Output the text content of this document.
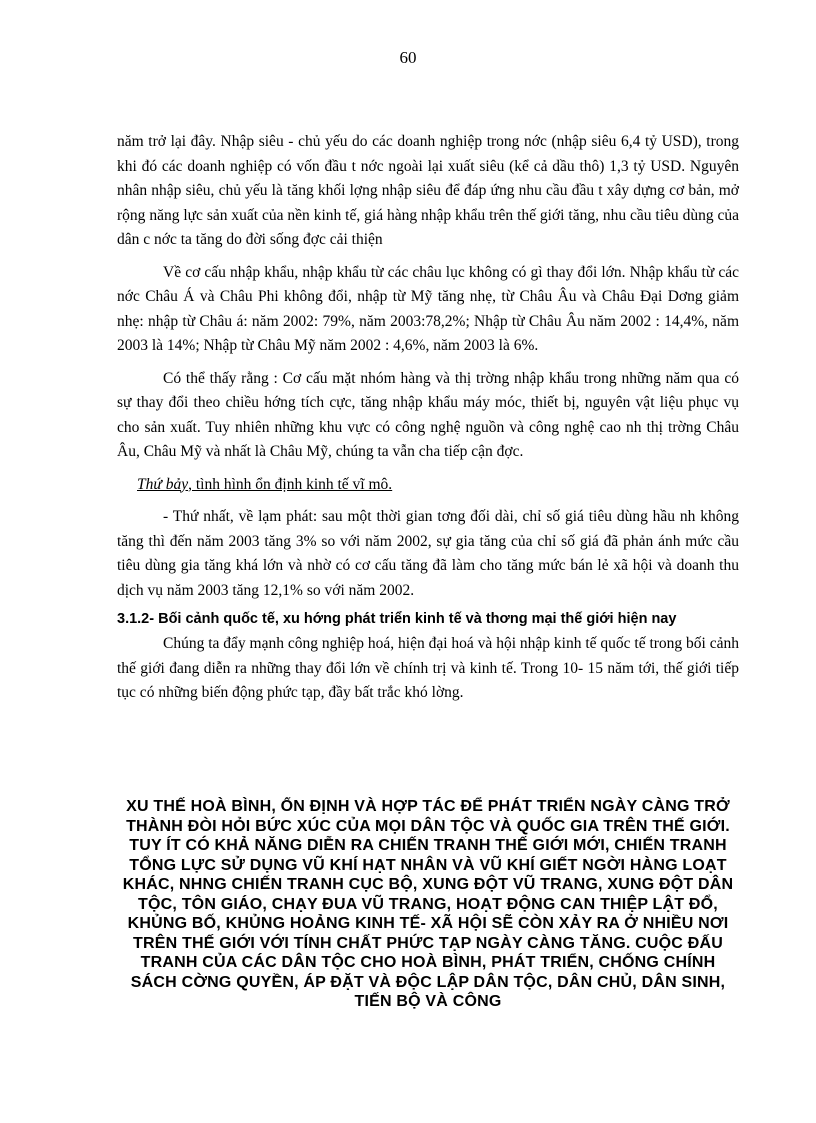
60

năm trở lại đây. Nhập siêu - chủ yếu do các doanh nghiệp trong nớc (nhập siêu 6,4 tỷ USD), trong khi đó các doanh nghiệp có vốn đầu t nớc ngoài lại xuất siêu (kể cả dầu thô) 1,3 tỷ USD. Nguyên nhân nhập siêu, chủ yếu là tăng khối lợng nhập siêu để đáp ứng nhu cầu đầu t xây dựng cơ bản, mở rộng năng lực sản xuất của nền kinh tế, giá hàng nhập khẩu trên thế giới tăng, nhu cầu tiêu dùng của dân c nớc ta tăng do đời sống đợc cải thiện

Về cơ cấu nhập khẩu, nhập khẩu từ các châu lục không có gì thay đổi lớn. Nhập khẩu từ các nớc Châu Á và Châu Phi không đổi, nhập từ Mỹ tăng nhẹ, từ Châu Âu và Châu Đại Dơng giảm nhẹ: nhập từ Châu á: năm 2002: 79%, năm 2003:78,2%; Nhập từ Châu Âu năm 2002 : 14,4%, năm 2003 là 14%; Nhập từ Châu Mỹ năm 2002 : 4,6%, năm 2003 là 6%.

Có thể thấy rằng : Cơ cấu mặt nhóm hàng và thị trờng nhập khẩu trong những năm qua có sự thay đổi theo chiều hớng tích cực, tăng nhập khẩu máy móc, thiết bị, nguyên vật liệu phục vụ cho sản xuất. Tuy nhiên những khu vực có công nghệ nguồn và công nghệ cao nh thị trờng Châu Âu, Châu Mỹ và nhất là Châu Mỹ, chúng ta vẫn cha tiếp cận đợc.

Thứ bảy, tình hình ổn định kinh tế vĩ mô.

- Thứ nhất, về lạm phát: sau một thời gian tơng đối dài, chỉ số giá tiêu dùng hầu nh không tăng thì đến năm 2003 tăng 3% so với năm 2002, sự gia tăng của chỉ số giá đã phản ánh mức cầu tiêu dùng gia tăng khá lớn và nhờ có cơ cấu tăng đã làm cho tăng mức bán lẻ xã hội và doanh thu dịch vụ năm 2003 tăng 12,1% so với năm 2002.

3.1.2- Bối cảnh quốc tế, xu hớng phát triển kinh tế và thơng mại thế giới hiện nay

Chúng ta đẩy mạnh công nghiệp hoá, hiện đại hoá và hội nhập kinh tế quốc tế trong bối cảnh thế giới đang diễn ra những thay đổi lớn về chính trị và kinh tế. Trong 10- 15 năm tới, thế giới tiếp tục có những biến động phức tạp, đầy bất trắc khó lờng.

XU THẾ HOÀ BÌNH, ỔN ĐỊNH VÀ HỢP TÁC ĐỂ PHÁT TRIỂN NGÀY CÀNG TRỞ THÀNH ĐÒI HỎI BỨC XÚC CỦA MỌI DÂN TỘC VÀ QUỐC GIA TRÊN THẾ GIỚI. TUY ÍT CÓ KHẢ NĂNG DIỄN RA CHIẾN TRANH THẾ GIỚI MỚI, CHIẾN TRANH TỔNG LỰC SỬ DỤNG VŨ KHÍ HẠT NHÂN VÀ VŨ KHÍ GIẾT NGỜI HÀNG LOẠT KHÁC, NHNG CHIẾN TRANH CỤC BỘ, XUNG ĐỘT VŨ TRANG, XUNG ĐỘT DÂN TỘC, TÔN GIÁO, CHẠY ĐUA VŨ TRANG, HOẠT ĐỘNG CAN THIỆP LẬT ĐỔ, KHỦNG BỐ, KHỦNG HOẢNG KINH TẾ- XÃ HỘI SẼ CÒN XẢY RA Ở NHIỀU NƠI TRÊN THẾ GIỚI VỚI TÍNH CHẤT PHỨC TẠP NGÀY CÀNG TĂNG. CUỘC ĐẤU TRANH CỦA CÁC DÂN TỘC CHO HOÀ BÌNH, PHÁT TRIỂN, CHỐNG CHÍNH SÁCH CỜNG QUYỀN, ÁP ĐẶT VÀ ĐỘC LẬP DÂN TỘC, DÂN CHỦ, DÂN SINH, TIẾN BỘ VÀ CÔNG
